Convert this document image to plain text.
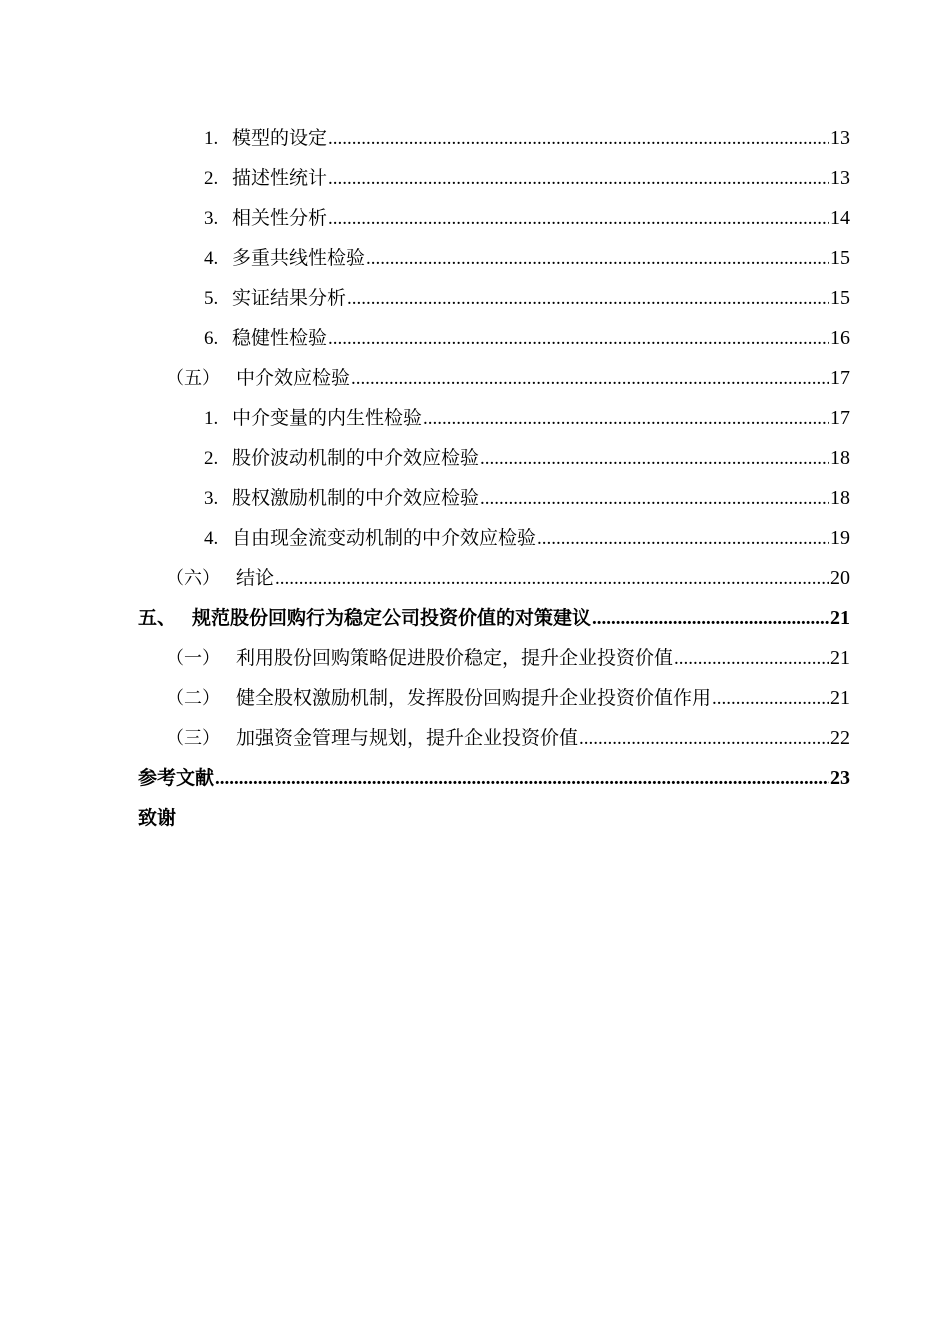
1. 模型的设定 .....	13
2. 描述性统计 .....	13
3. 相关性分析 .....	14
4. 多重共线性检验 .....	15
5. 实证结果分析 .....	15
6. 稳健性检验 .....	16
（五） 中介效应检验 .....	17
1. 中介变量的内生性检验 .....	17
2. 股价波动机制的中介效应检验 .....	18
3. 股权激励机制的中介效应检验 .....	18
4. 自由现金流变动机制的中介效应检验 .....	19
（六） 结论 .....	20
五、 规范股份回购行为稳定公司投资价值的对策建议 .....	21
（一） 利用股份回购策略促进股价稳定，提升企业投资价值 .....	21
（二） 健全股权激励机制，发挥股份回购提升企业投资价值作用 .....	21
（三） 加强资金管理与规划，提升企业投资价值 .....	22
参考文献 .....	23
致谢
